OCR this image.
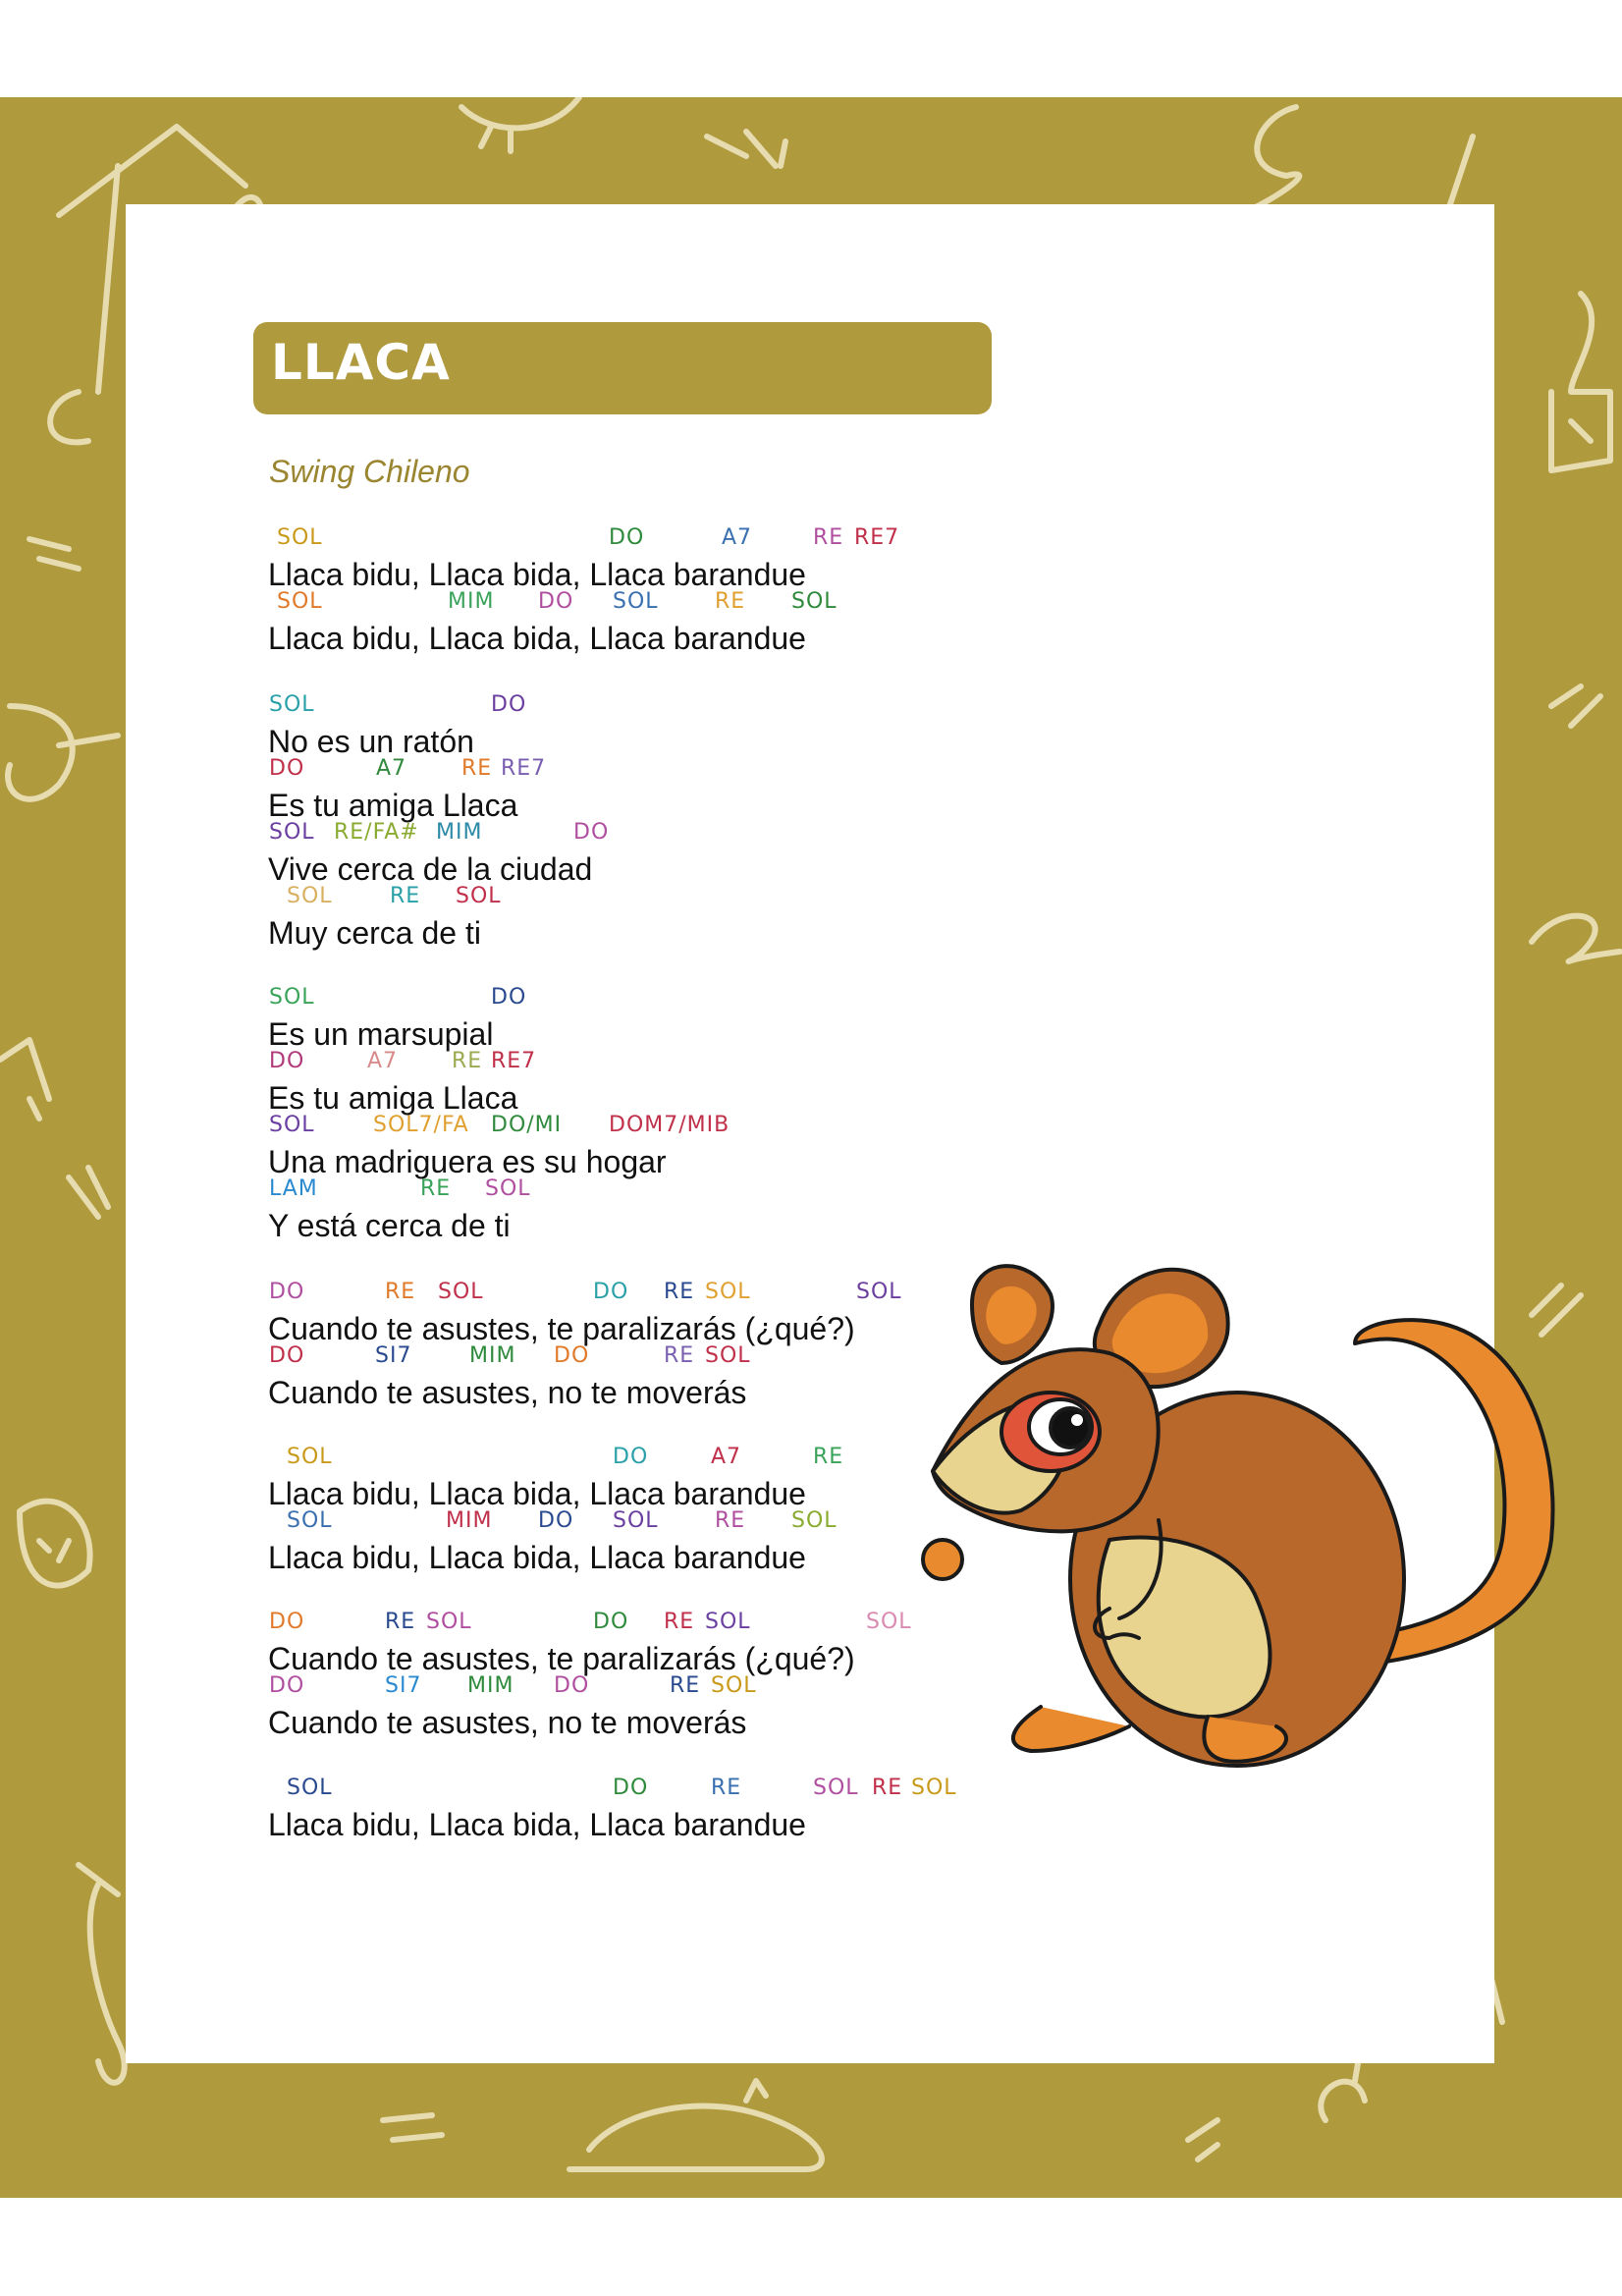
LLACA
Swing Chileno
SOL	DO	A7	RE RE7
Llaca bidu, Llaca bida, Llaca barandue
SOL	MIM DO SOL	RE SOL
Llaca bidu, Llaca bida, Llaca barandue
SOL	DO
No es un ratón
DO	A7	RE RE7
Es tu amiga Llaca
SOL RE/FA# MIM	DO
Vive cerca de la ciudad
SOL	RE SOL
Muy cerca de ti
SOL	DO
Es un marsupial
DO	A7 RE RE7
Es tu amiga Llaca
SOL	SOL7/FA DO/MI DOM7/MIB
Una madriguera es su hogar
LAM	RE SOL
Y está cerca de ti
DO	RE SOL	DO RE SOL	SOL
Cuando te asustes, te paralizarás (¿qué?)
DO	SI7	MIM DO	RE SOL
Cuando te asustes, no te moverás
SOL	DO	A7	RE
Llaca bidu, Llaca bida, Llaca barandue
SOL	MIM DO SOL	RE SOL
Llaca bidu, Llaca bida, Llaca barandue
DO	RE SOL	DO RE SOL	SOL
Cuando te asustes, te paralizarás (¿qué?)
DO	SI7 MIM DO	RE SOL
Cuando te asustes, no te moverás
SOL	DO	RE	SOL RE SOL
Llaca bidu, Llaca bida, Llaca barandue
